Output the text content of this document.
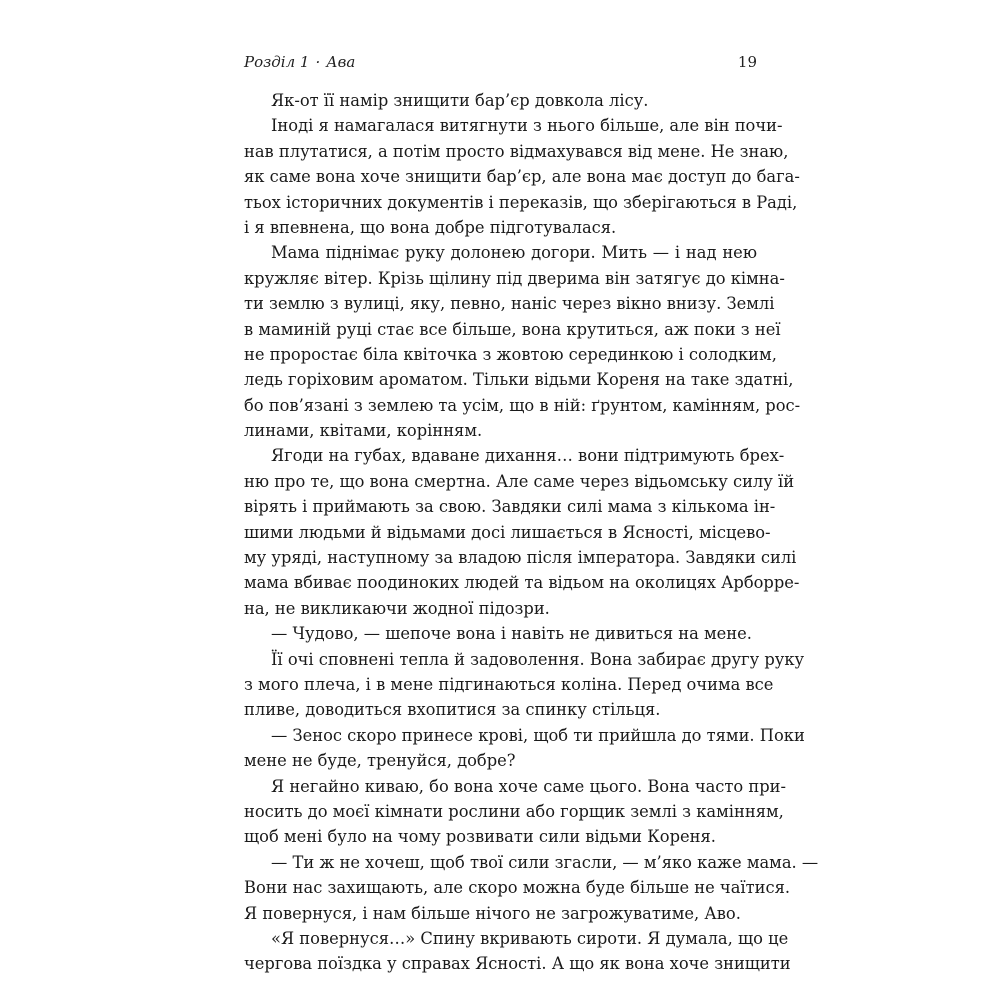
Розділ 1 · Ава	19
Як-от її намір знищити бар’єр довкола лісу.
Іноді я намагалася витягнути з нього більше, але він почи-
нав плутатися, а потім просто відмахувався від мене. Не знаю,
як саме вона хоче знищити бар’єр, але вона має доступ до бага-
тьох історичних документів і переказів, що зберігаються в Раді,
і я впевнена, що вона добре підготувалася.
Мама піднімає руку долонею догори. Мить — і над нею
кружляє вітер. Крізь щілину під дверима він затягує до кімна-
ти землю з вулиці, яку, певно, наніс через вікно внизу. Землі
в маминій руці стає все більше, вона крутиться, аж поки з неї
не проростає біла квіточка з жовтою серединкою і солодким,
ледь горіховим ароматом. Тільки відьми Кореня на таке здатні,
бо пов’язані з землею та усім, що в ній: ґрунтом, камінням, рос-
линами, квітами, корінням.
Ягоди на губах, вдаване дихання… вони підтримують брех-
ню про те, що вона смертна. Але саме через відьомську силу їй
вірять і приймають за свою. Завдяки силі мама з кількома ін-
шими людьми й відьмами досі лишається в Ясності, місцево-
му уряді, наступному за владою після імператора. Завдяки силі
мама вбиває поодиноких людей та відьом на околицях Арборре-
на, не викликаючи жодної підозри.
— Чудово, — шепоче вона і навіть не дивиться на мене.
Її очі сповнені тепла й задоволення. Вона забирає другу руку
з мого плеча, і в мене підгинаються коліна. Перед очима все
пливе, доводиться вхопитися за спинку стільця.
— Зенос скоро принесе крові, щоб ти прийшла до тями. Поки
мене не буде, тренуйся, добре?
Я негайно киваю, бо вона хоче саме цього. Вона часто при-
носить до моєї кімнати рослини або горщик землі з камінням,
щоб мені було на чому розвивати сили відьми Кореня.
— Ти ж не хочеш, щоб твої сили згасли, — м’яко каже мама. —
Вони нас захищають, але скоро можна буде більше не чаїтися.
Я повернуся, і нам більше нічого не загрожуватиме, Аво.
«Я повернуся…» Спину вкривають сироти. Я думала, що це
чергова поїздка у справах Ясності. А що як вона хоче знищити
